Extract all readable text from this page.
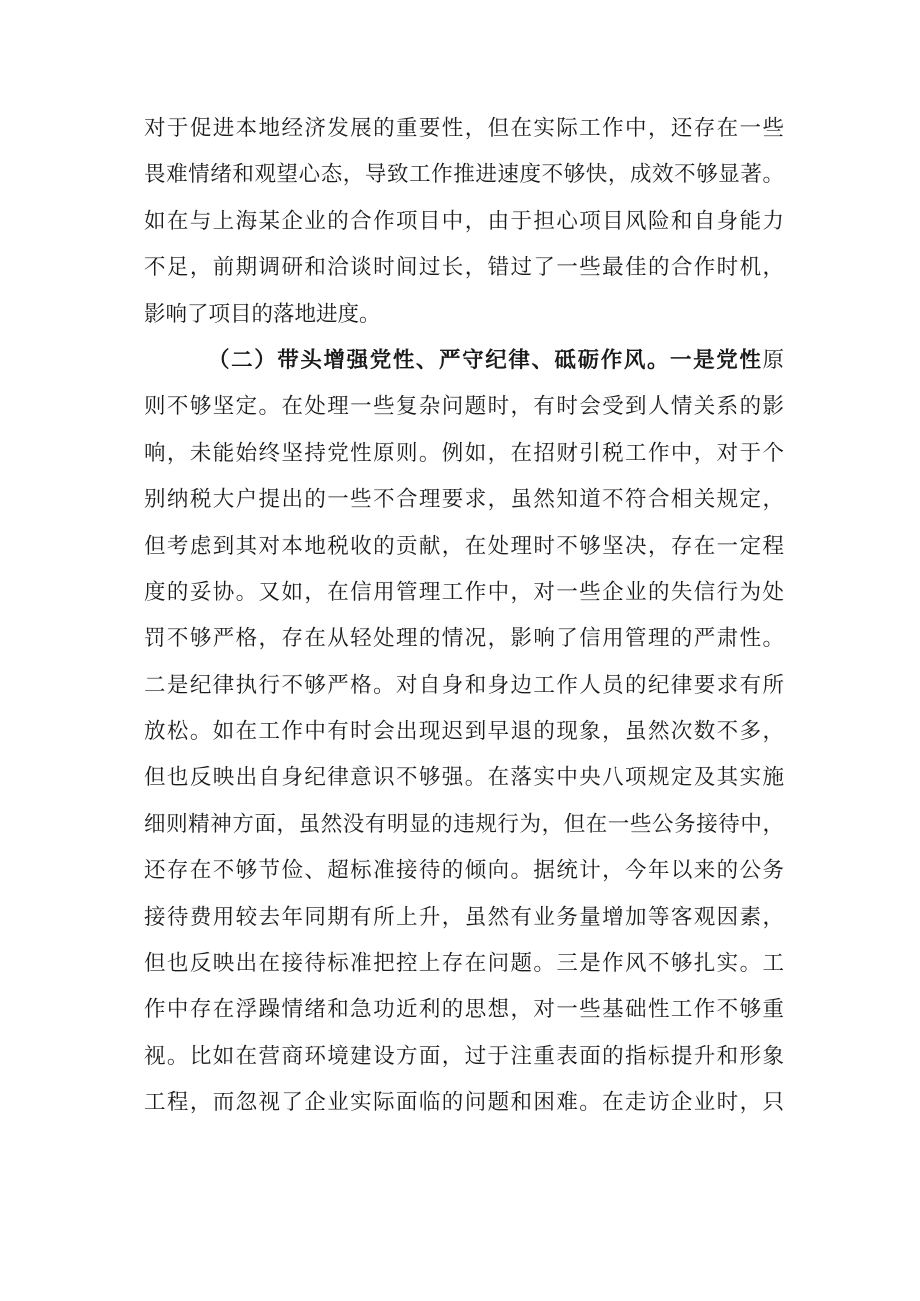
对于促进本地经济发展的重要性，但在实际工作中，还存在一些
畏难情绪和观望心态，导致工作推进速度不够快，成效不够显著。
如在与上海某企业的合作项目中，由于担心项目风险和自身能力
不足，前期调研和洽谈时间过长，错过了一些最佳的合作时机，
影响了项目的落地进度。
（二）带头增强党性、严守纪律、砥砺作风。一是党性原
则不够坚定。在处理一些复杂问题时，有时会受到人情关系的影
响，未能始终坚持党性原则。例如，在招财引税工作中，对于个
别纳税大户提出的一些不合理要求，虽然知道不符合相关规定，
但考虑到其对本地税收的贡献，在处理时不够坚决，存在一定程
度的妥协。又如，在信用管理工作中，对一些企业的失信行为处
罚不够严格，存在从轻处理的情况，影响了信用管理的严肃性。
二是纪律执行不够严格。对自身和身边工作人员的纪律要求有所
放松。如在工作中有时会出现迟到早退的现象，虽然次数不多，
但也反映出自身纪律意识不够强。在落实中央八项规定及其实施
细则精神方面，虽然没有明显的违规行为，但在一些公务接待中，
还存在不够节俭、超标准接待的倾向。据统计，今年以来的公务
接待费用较去年同期有所上升，虽然有业务量增加等客观因素，
但也反映出在接待标准把控上存在问题。三是作风不够扎实。工
作中存在浮躁情绪和急功近利的思想，对一些基础性工作不够重
视。比如在营商环境建设方面，过于注重表面的指标提升和形象
工程，而忽视了企业实际面临的问题和困难。在走访企业时，只
